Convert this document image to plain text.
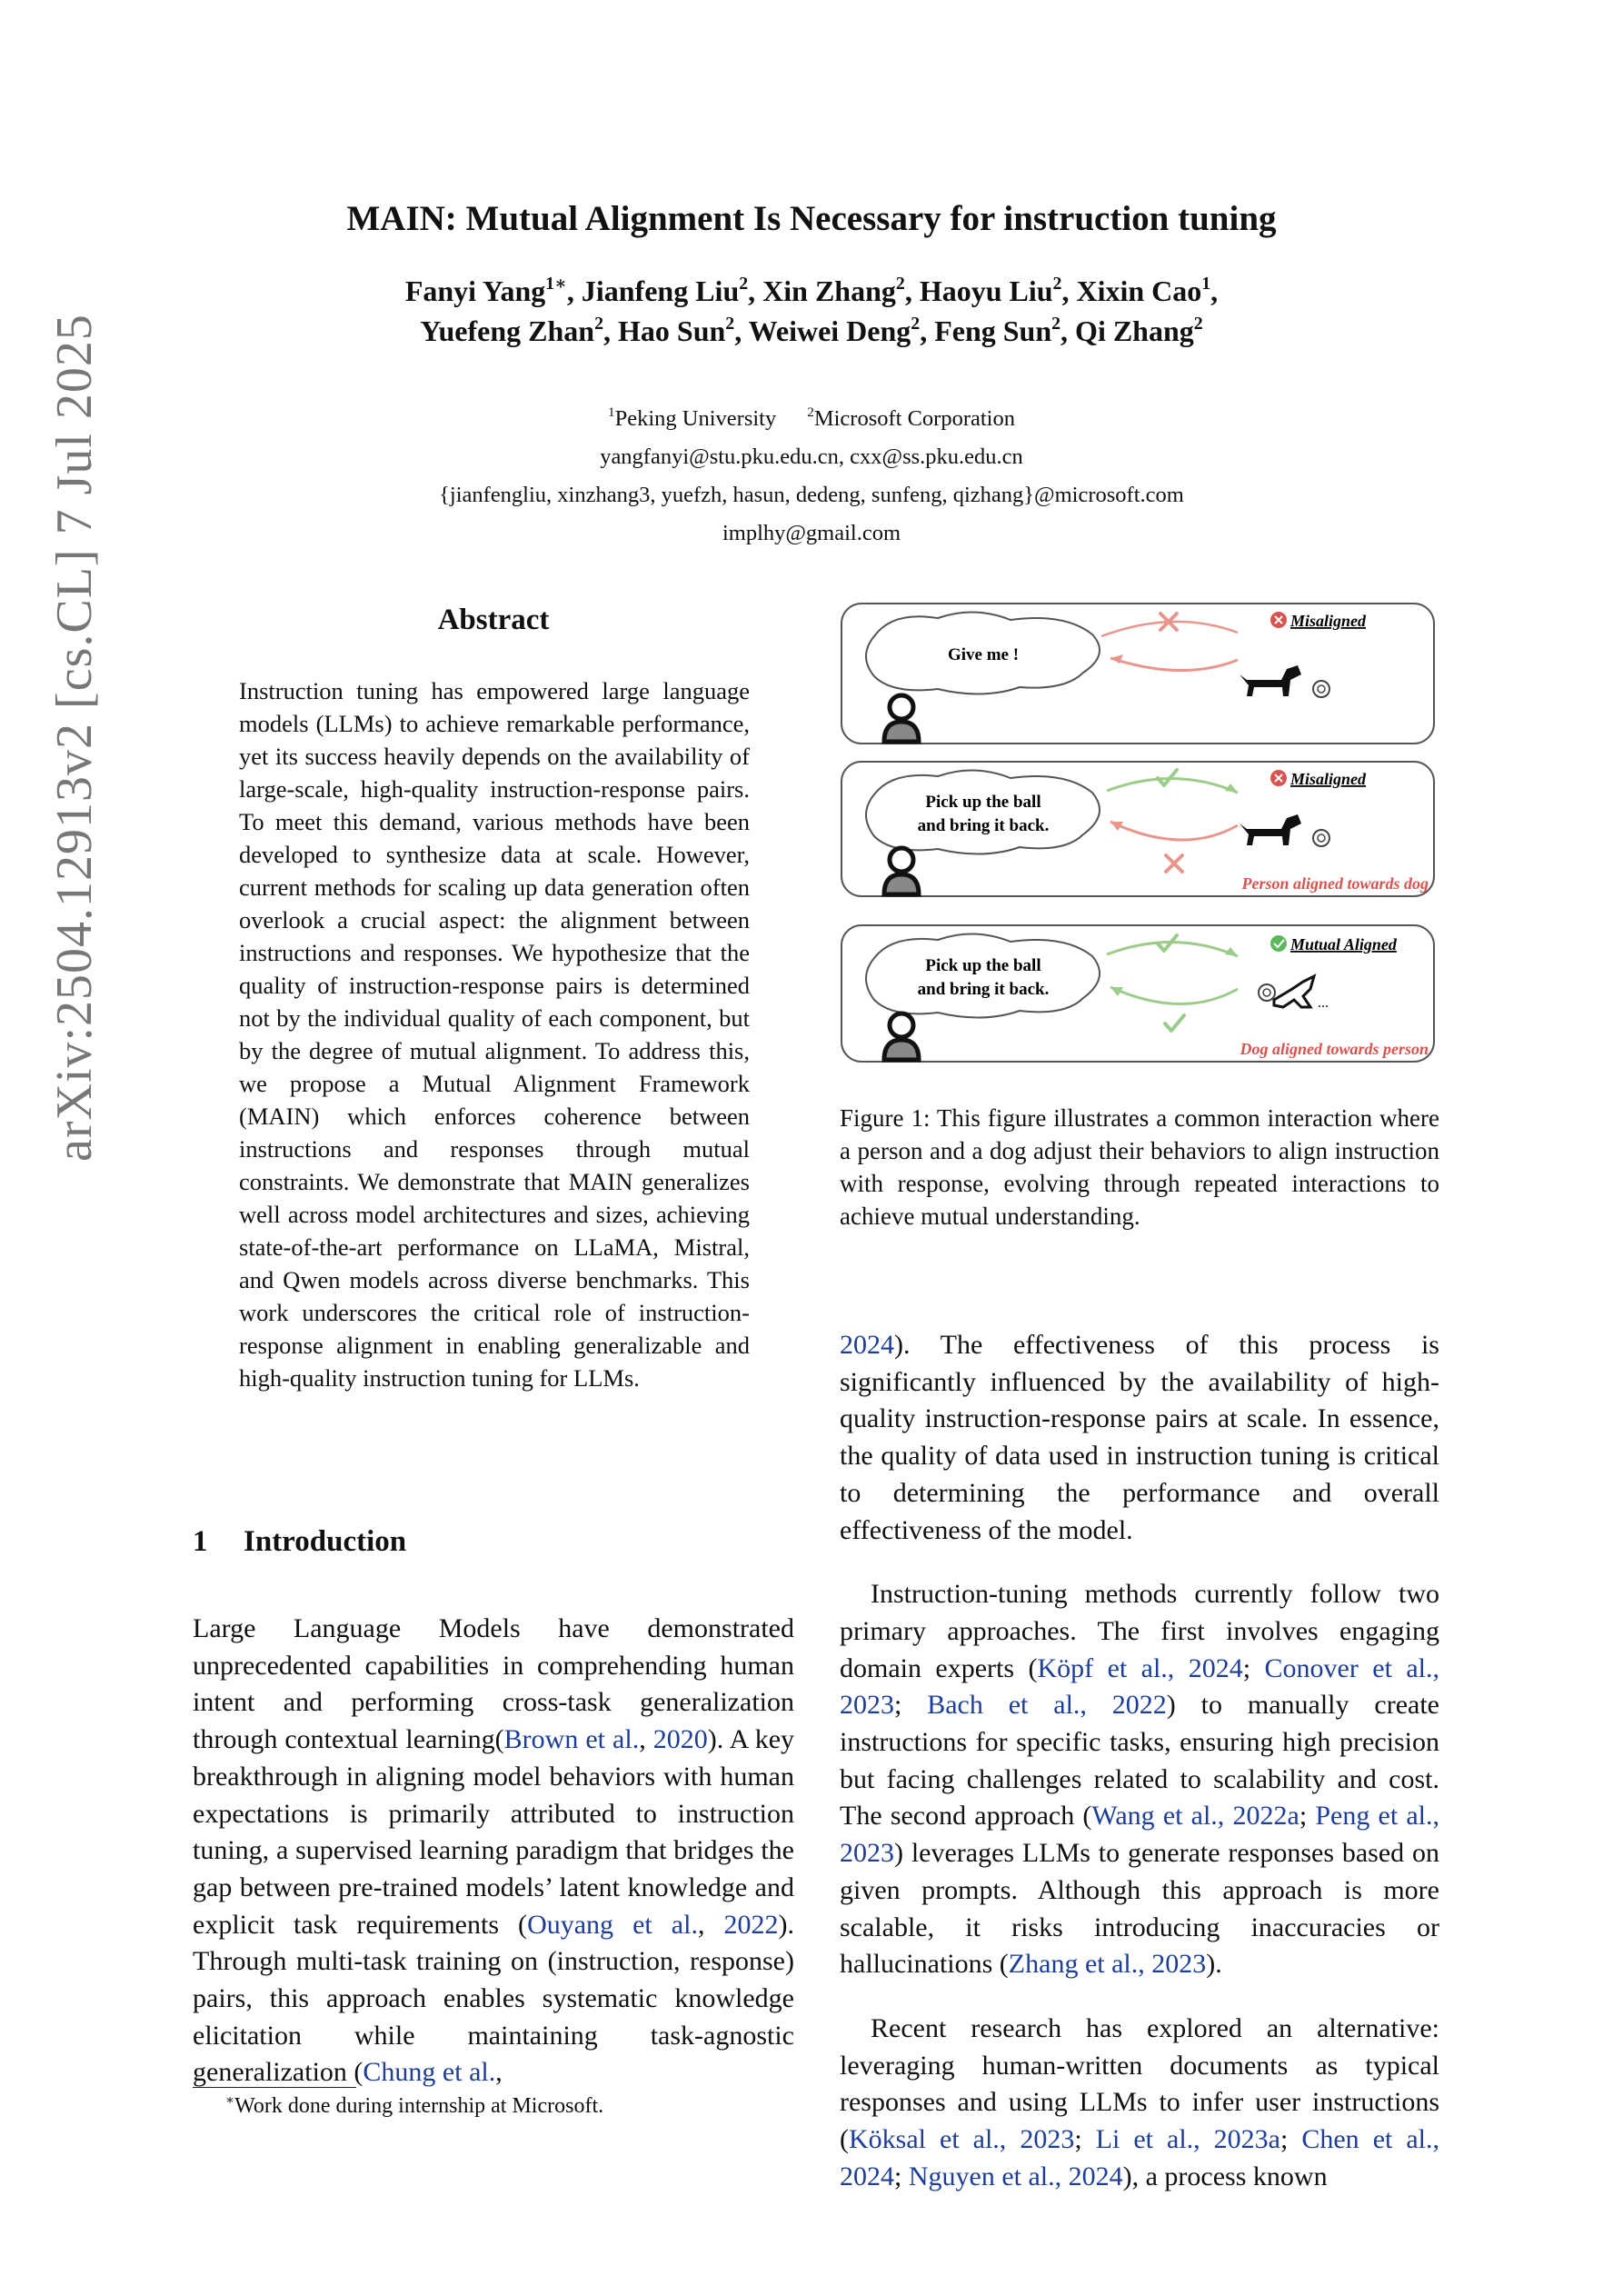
arXiv:2504.12913v2 [cs.CL] 7 Jul 2025
MAIN: Mutual Alignment Is Necessary for instruction tuning
Fanyi Yang$^{1∗}$, Jianfeng Liu$^2$, Xin Zhang$^2$, Haoyu Liu$^2$, Xixin Cao$^1$,
Yuefeng Zhan$^2$, Hao Sun$^2$, Weiwei Deng$^2$, Feng Sun$^2$, Qi Zhang$^2$
$^1$Peking University $^2$Microsoft Corporation
yangfanyi@stu.pku.edu.cn, cxx@ss.pku.edu.cn
{jianfengliu, xinzhang3, yuefzh, hasun, dedeng, sunfeng, qizhang}@microsoft.com
implhy@gmail.com
Abstract
Instruction tuning has empowered large language models (LLMs) to achieve remarkable performance, yet its success heavily depends on the availability of large-scale, high-quality instruction-response pairs. To meet this demand, various methods have been developed to synthesize data at scale. However, current methods for scaling up data generation often overlook a crucial aspect: the alignment between instructions and responses. We hypothesize that the quality of instruction-response pairs is determined not by the individual quality of each component, but by the degree of mutual alignment. To address this, we propose a Mutual Alignment Framework (MAIN) which enforces coherence between instructions and responses through mutual constraints. We demonstrate that MAIN generalizes well across model architectures and sizes, achieving state-of-the-art performance on LLaMA, Mistral, and Qwen models across diverse benchmarks. This work underscores the critical role of instruction-response alignment in enabling generalizable and high-quality instruction tuning for LLMs.
1 Introduction

Large Language Models have demonstrated unprecedented capabilities in comprehending human intent and performing cross-task generalization through contextual learning(Brown et al., 2020). A key breakthrough in aligning model behaviors with human expectations is primarily attributed to instruction tuning, a supervised learning paradigm that bridges the gap between pre-trained models’ latent knowledge and explicit task requirements (Ouyang et al., 2022). Through multi-task training on (instruction, response) pairs, this approach enables systematic knowledge elicitation while maintaining task-agnostic generalization (Chung et al.,

∗Work done during internship at Microsoft.
Give me !
Misaligned
Pick up the ball and bring it back.
Misaligned
Person aligned towards dog
Pick up the ball and bring it back.
Mutual Aligned
...
Dog aligned towards person
Figure 1: This figure illustrates a common interaction where a person and a dog adjust their behaviors to align instruction with response, evolving through repeated interactions to achieve mutual understanding.

2024). The effectiveness of this process is significantly influenced by the availability of high-quality instruction-response pairs at scale. In essence, the quality of data used in instruction tuning is critical to determining the performance and overall effectiveness of the model.

Instruction-tuning methods currently follow two primary approaches. The first involves engaging domain experts (Köpf et al., 2024; Conover et al., 2023; Bach et al., 2022) to manually create instructions for specific tasks, ensuring high precision but facing challenges related to scalability and cost. The second approach (Wang et al., 2022a; Peng et al., 2023) leverages LLMs to generate responses based on given prompts. Although this approach is more scalable, it risks introducing inaccuracies or hallucinations (Zhang et al., 2023).

Recent research has explored an alternative: leveraging human-written documents as typical responses and using LLMs to infer user instructions (Köksal et al., 2023; Li et al., 2023a; Chen et al., 2024; Nguyen et al., 2024), a process known
